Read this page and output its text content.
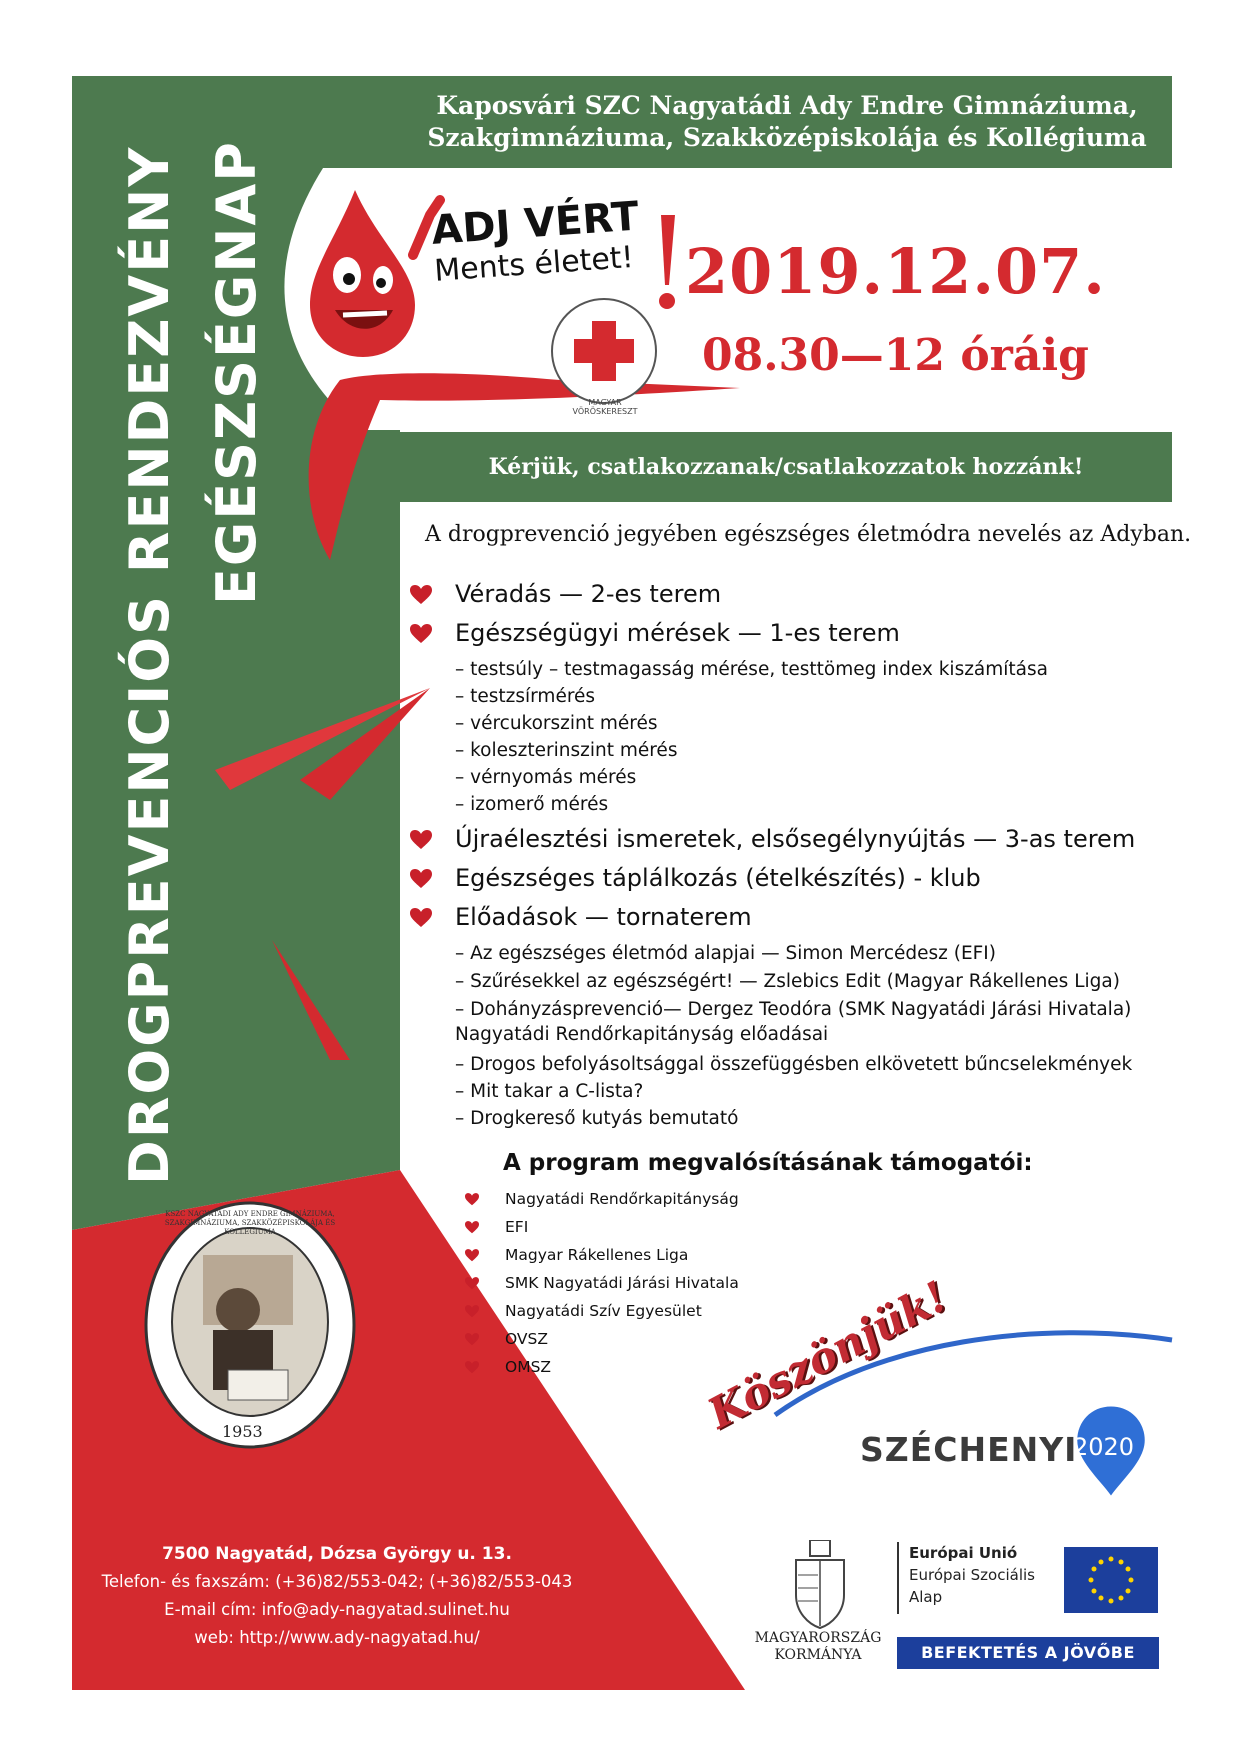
Kaposvári SZC Nagyatádi Ady Endre Gimnáziuma,
Szakgimnáziuma, Szakközépiskolája és Kollégiuma
ADJ VÉRT
Ments életet!
MAGYAR VÖRÖSKERESZT
2019.12.07.
08.30—12 óráig
Kérjük, csatlakozzanak/csatlakozzatok hozzánk!
DROGPREVENCIÓS RENDEZVÉNY EGÉSZSÉGNAP	A drogprevenció jegyében egészséges életmódra nevelés az Adyban.
Véradás — 2-es terem
Egészségügyi mérések — 1-es terem
– testsúly – testmagasság mérése, testtömeg index kiszámítása
– testzsírmérés
– vércukorszint mérés
– koleszterinszint mérés
– vérnyomás mérés
– izomerő mérés
Újraélesztési ismeretek, elsősegélynyújtás — 3-as terem
Egészséges táplálkozás (ételkészítés) - klub
Előadások — tornaterem
– Az egészséges életmód alapjai — Simon Mercédesz (EFI)
– Szűrésekkel az egészségért! — Zslebics Edit (Magyar Rákellenes Liga)
– Dohányzásprevenció— Dergez Teodóra (SMK Nagyatádi Járási Hivatala)
Nagyatádi Rendőrkapitányság előadásai
– Drogos befolyásoltsággal összefüggésben elkövetett bűncselekmények
– Mit takar a C-lista?
– Drogkereső kutyás bemutató
A program megvalósításának támogatói:
Nagyatádi Rendőrkapitányság
EFI
Magyar Rákellenes Liga
SMK Nagyatádi Járási Hivatala
Nagyatádi Szív Egyesület
OVSZ
OMSZ	Köszönjük!
KSZC NAGYATÁDI ADY ENDRE GIMNÁZIUMA, SZAKGIMNÁZIUMA, SZAKKÖZÉPISKOLÁJA ÉS KOLLÉGIUMA
1953
7500 Nagyatád, Dózsa György u. 13.
Telefon- és faxszám: (+36)82/553-042; (+36)82/553-043
E-mail cím: info@ady-nagyatad.sulinet.hu
web: http://www.ady-nagyatad.hu/
SZÉCHENYI
2020
MAGYARORSZÁG
KORMÁNYA
Európai Unió
Európai Szociális
Alap
BEFEKTETÉS A JÖVŐBE
